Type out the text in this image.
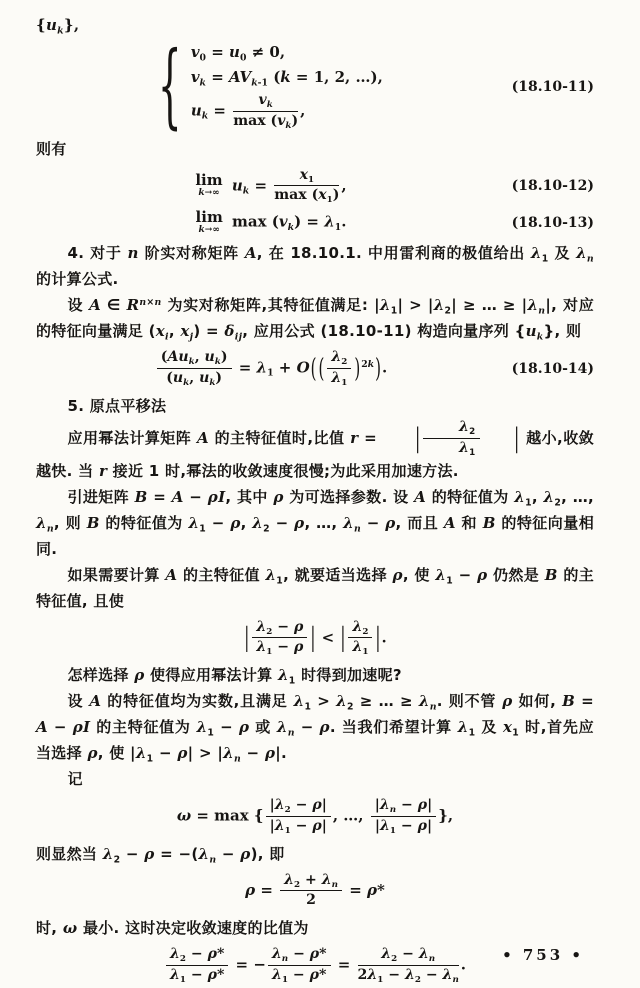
$\{u_k\}$,
{ $v_0 = u_0 \ne 0$,
$v_k = AV_{k-1}$ (k = 1, 2, …),
$u_k = \frac{v_k}{\max (v_k)}$ ,
(18.10-11)

则有

lim
k→∞ $u_k = \frac{x_1}{\max (x_1)}$ ,	(18.10-12)
lim
k→∞ $\max (v_k) = \lambda_1$.	(18.10-13)

4. 对于 n 阶实对称矩阵 A, 在 18.10.1. 中用雷利商的极值给出 $\lambda_1$ 及 $\lambda_n$ 的计算公式.

设 A ∈ $R^{n\times n}$ 为实对称矩阵,其特征值满足: $|\lambda_1| > |\lambda_2|$ ≥ … ≥ $|\lambda_n|$, 对应的特征向量满足 ($x_i$, $x_j) = \delta_{ij}$, 应用公式 (18.10-11) 构造向量序列 $\{u_k\}$, 则

$\frac{(Au_k, u_k)}{(u_k, u_k)} = \lambda_1 + O$( ( $\frac{\lambda_2}{\lambda_1} )^{2k}$).	(18.10-14)

5. 原点平移法

应用幂法计算矩阵 A 的主特征值时,比值 r = | $\frac{\lambda_2}{\lambda_1}$ | 越小,收敛越快. 当 r 接近 1 时,幂法的收敛速度很慢;为此采用加速方法.

引进矩阵 B = A − ρI, 其中 ρ 为可选择参数. 设 A 的特征值为 $\lambda_1$, $\lambda_2$, …, $\lambda_n$, 则 B 的特征值为 $\lambda_1 - \rho$, $\lambda_2 - \rho$, …, $\lambda_n - \rho$, 而且 A 和 B 的特征向量相同.

如果需要计算 A 的主特征值 $\lambda_1$, 就要适当选择 ρ, 使 $\lambda_1 - \rho$ 仍然是 B 的主特征值, 且使

| $\frac{\lambda_2 - \rho}{\lambda_1 - \rho}$ | < | $\frac{\lambda_2}{\lambda_1}$ |.

怎样选择 ρ 使得应用幂法计算 $\lambda_1$ 时得到加速呢?

设 A 的特征值均为实数,且满足 $\lambda_1 > \lambda_2$ ≥ … ≥ $\lambda_n$. 则不管 ρ 如何, B = A − ρI 的主特征值为 $\lambda_1 - \rho$ 或 $\lambda_n - \rho$. 当我们希望计算 $\lambda_1$ 及 $x_1$ 时,首先应当选择 ρ, 使 $|\lambda_1 - \rho| > |\lambda_n - \rho|$.

记

ω = max { $\frac{|\lambda_2 - \rho|}{|\lambda_1 - \rho|}$ , …, $\frac{|\lambda_n - \rho|}{|\lambda_1 - \rho|}$ },

则显然当 $\lambda_2 - \rho = -(\lambda_n - \rho)$, 即

$\rho = \frac{\lambda_2 + \lambda_n}{2} = \rho*$

时, ω 最小. 这时决定收敛速度的比值为

$\frac{\lambda_2 - \rho*}{\lambda_1 - \rho*}$ = − $\frac{\lambda_n - \rho*}{\lambda_1 - \rho*} = \frac{\lambda_2 - \lambda_n}{2\lambda_1 - \lambda_2 - \lambda_n}$ .
• 753 •
